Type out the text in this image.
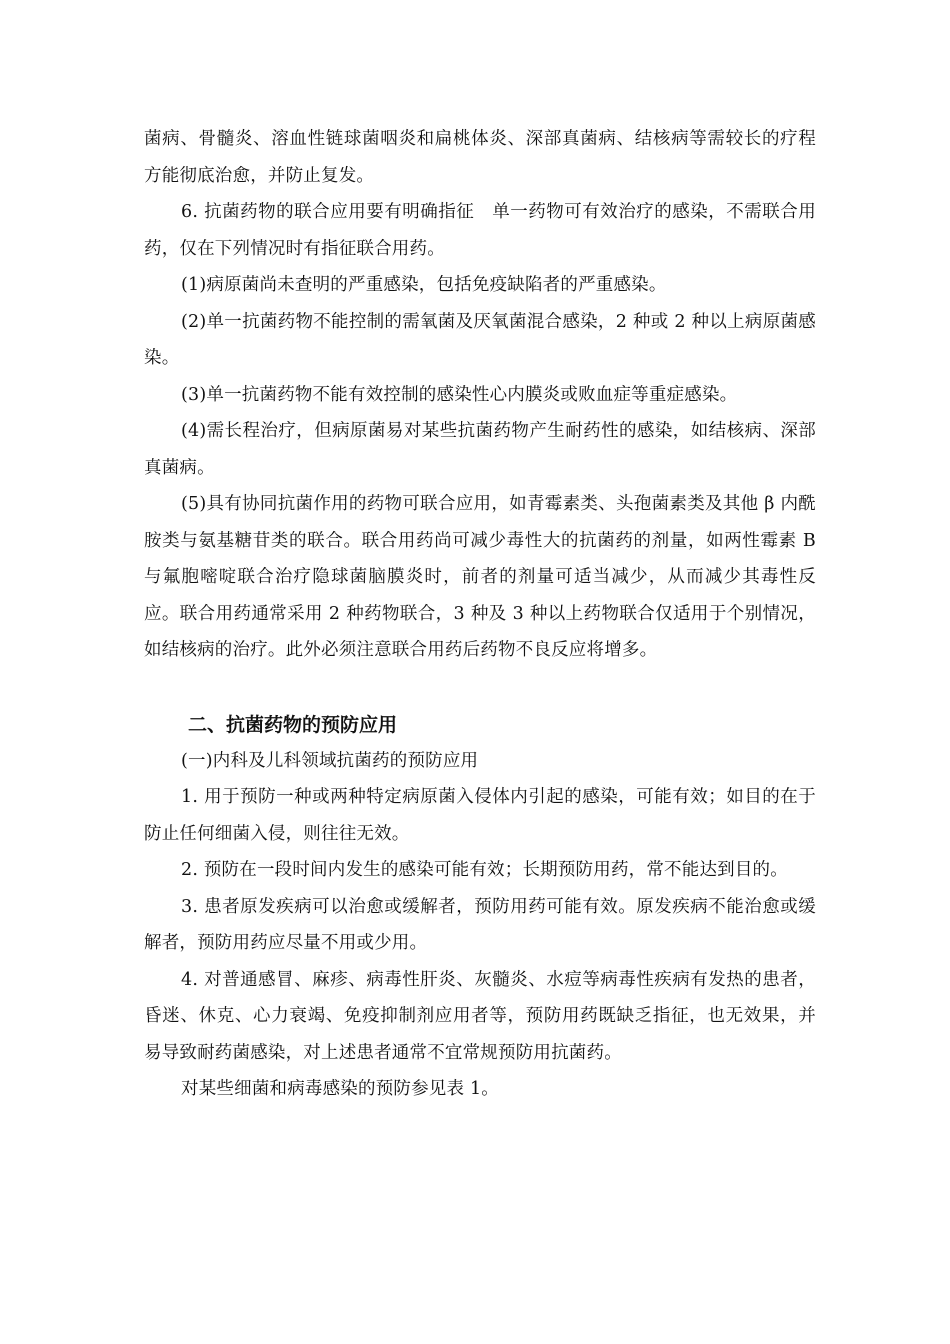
菌病、骨髓炎、溶血性链球菌咽炎和扁桃体炎、深部真菌病、结核病等需较长的疗程方能彻底治愈，并防止复发。

6. 抗菌药物的联合应用要有明确指征　单一药物可有效治疗的感染，不需联合用药，仅在下列情况时有指征联合用药。

(1)病原菌尚未查明的严重感染，包括免疫缺陷者的严重感染。

(2)单一抗菌药物不能控制的需氧菌及厌氧菌混合感染，2 种或 2 种以上病原菌感染。

(3)单一抗菌药物不能有效控制的感染性心内膜炎或败血症等重症感染。

(4)需长程治疗，但病原菌易对某些抗菌药物产生耐药性的感染，如结核病、深部真菌病。

(5)具有协同抗菌作用的药物可联合应用，如青霉素类、头孢菌素类及其他 β 内酰胺类与氨基糖苷类的联合。联合用药尚可减少毒性大的抗菌药的剂量，如两性霉素 B 与氟胞嘧啶联合治疗隐球菌脑膜炎时，前者的剂量可适当减少，从而减少其毒性反应。联合用药通常采用 2 种药物联合，3 种及 3 种以上药物联合仅适用于个别情况，如结核病的治疗。此外必须注意联合用药后药物不良反应将增多。

二、抗菌药物的预防应用

(一)内科及儿科领域抗菌药的预防应用

1. 用于预防一种或两种特定病原菌入侵体内引起的感染，可能有效；如目的在于防止任何细菌入侵，则往往无效。

2. 预防在一段时间内发生的感染可能有效；长期预防用药，常不能达到目的。

3. 患者原发疾病可以治愈或缓解者，预防用药可能有效。原发疾病不能治愈或缓解者，预防用药应尽量不用或少用。

4. 对普通感冒、麻疹、病毒性肝炎、灰髓炎、水痘等病毒性疾病有发热的患者，昏迷、休克、心力衰竭、免疫抑制剂应用者等，预防用药既缺乏指征，也无效果，并易导致耐药菌感染，对上述患者通常不宜常规预防用抗菌药。

对某些细菌和病毒感染的预防参见表 1。
